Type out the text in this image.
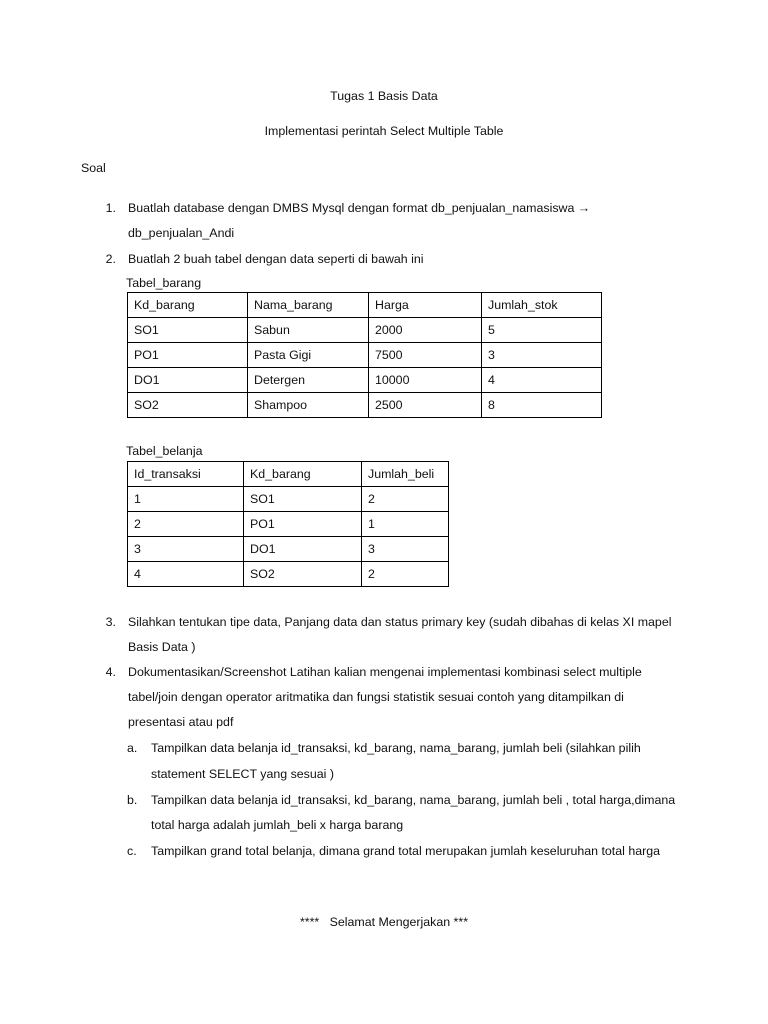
Tugas 1 Basis Data
Implementasi perintah Select Multiple Table
Soal
1. Buatlah database dengan DMBS Mysql dengan format db_penjualan_namasiswa →
db_penjualan_Andi
2. Buatlah 2 buah tabel dengan data seperti di bawah ini
Tabel_barang
Kd_barang	Nama_barang	Harga	Jumlah_stok
SO1	Sabun	2000	5
PO1	Pasta Gigi	7500	3
DO1	Detergen	10000	4
SO2	Shampoo	2500	8
Tabel_belanja
Id_transaksi	Kd_barang	Jumlah_beli
1	SO1	2
2	PO1	1
3	DO1	3
4	SO2	2
3. Silahkan tentukan tipe data, Panjang data dan status primary key (sudah dibahas di kelas XI mapel
Basis Data )
4. Dokumentasikan/Screenshot Latihan kalian mengenai implementasi kombinasi select multiple
tabel/join dengan operator aritmatika dan fungsi statistik sesuai contoh yang ditampilkan di
presentasi atau pdf
a. Tampilkan data belanja id_transaksi, kd_barang, nama_barang, jumlah beli (silahkan pilih
statement SELECT yang sesuai )
b. Tampilkan data belanja id_transaksi, kd_barang, nama_barang, jumlah beli , total harga,dimana
total harga adalah jumlah_beli x harga barang
c. Tampilkan grand total belanja, dimana grand total merupakan jumlah keseluruhan total harga
****   Selamat Mengerjakan ***
